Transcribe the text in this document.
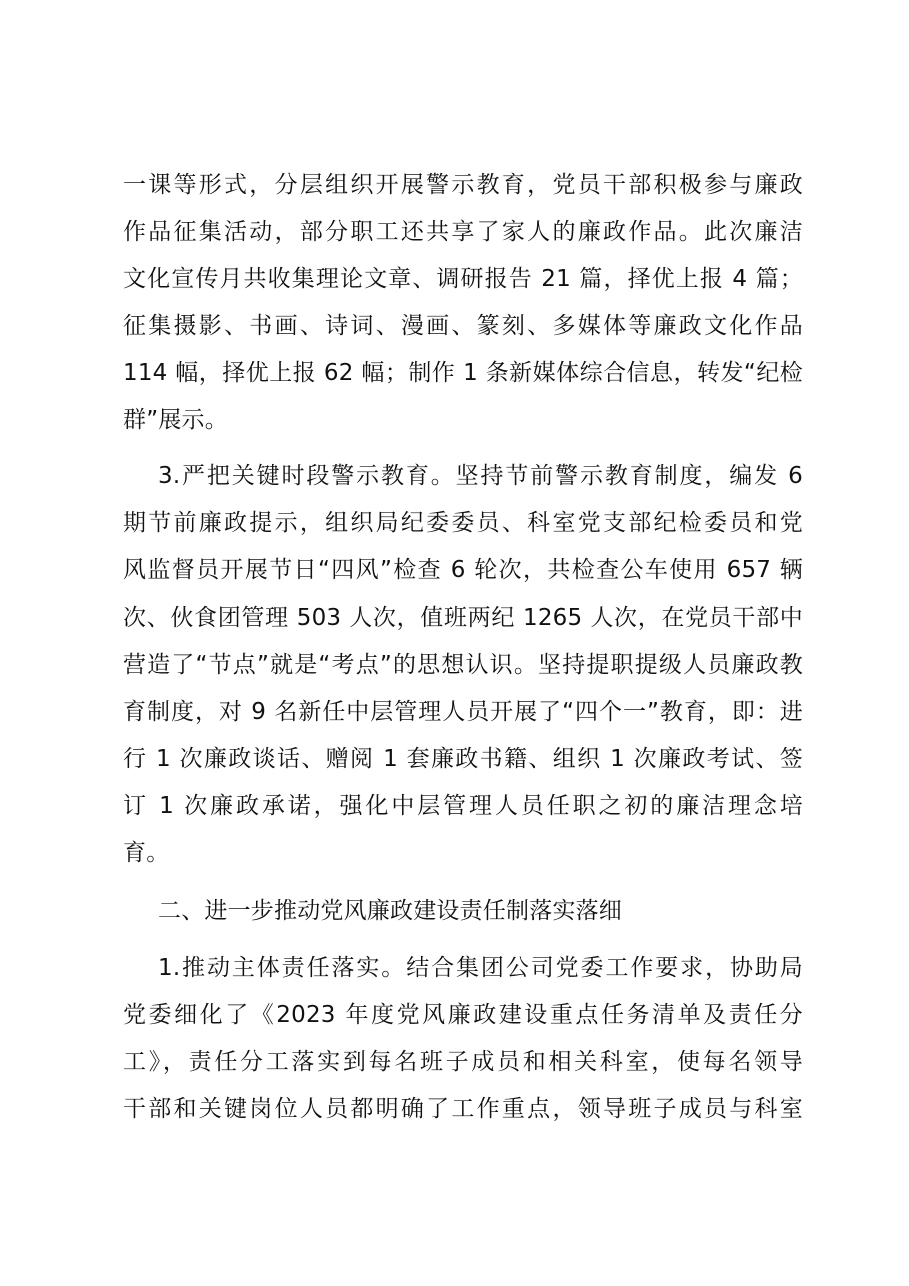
一课等形式，分层组织开展警示教育，党员干部积极参与廉政
作品征集活动，部分职工还共享了家人的廉政作品。此次廉洁
文化宣传月共收集理论文章、调研报告 21 篇，择优上报 4 篇；
征集摄影、书画、诗词、漫画、篆刻、多媒体等廉政文化作品
114 幅，择优上报 62 幅；制作 1 条新媒体综合信息，转发“纪检
群”展示。
3.严把关键时段警示教育。坚持节前警示教育制度，编发 6
期节前廉政提示，组织局纪委委员、科室党支部纪检委员和党
风监督员开展节日“四风”检查 6 轮次，共检查公车使用 657 辆
次、伙食团管理 503 人次，值班两纪 1265 人次，在党员干部中
营造了“节点”就是“考点”的思想认识。坚持提职提级人员廉政教
育制度，对 9 名新任中层管理人员开展了“四个一”教育，即：进
行 1 次廉政谈话、赠阅 1 套廉政书籍、组织 1 次廉政考试、签
订 1 次廉政承诺，强化中层管理人员任职之初的廉洁理念培
育。
二、进一步推动党风廉政建设责任制落实落细
1.推动主体责任落实。结合集团公司党委工作要求，协助局
党委细化了《2023 年度党风廉政建设重点任务清单及责任分
工》，责任分工落实到每名班子成员和相关科室，使每名领导
干部和关键岗位人员都明确了工作重点，领导班子成员与科室
